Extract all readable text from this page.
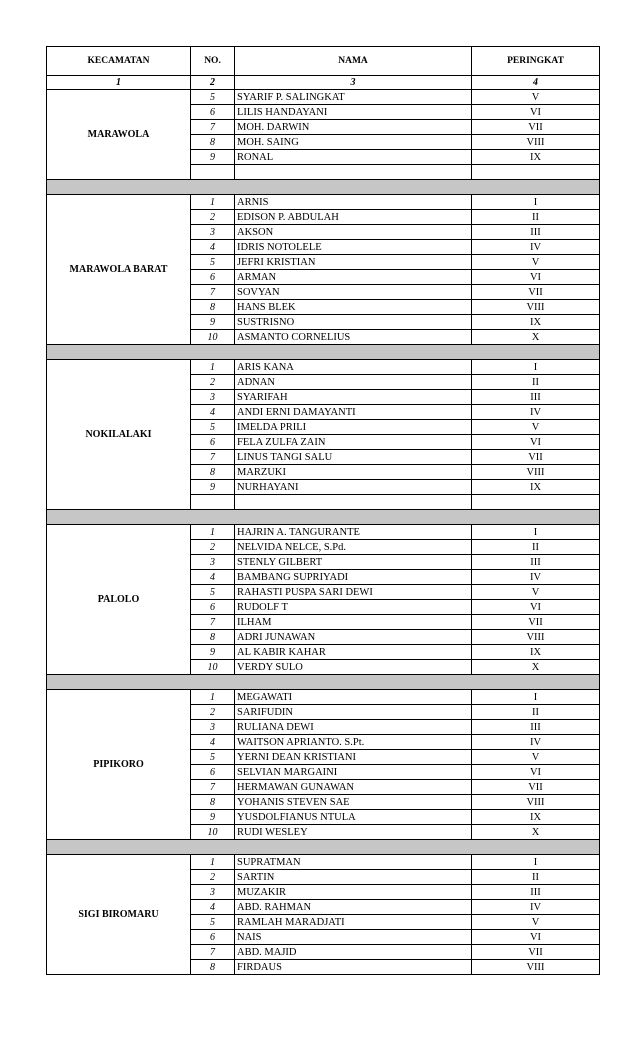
KECAMATAN	NO.	NAMA	PERINGKAT
1	2	3	4
MARAWOLA	5	SYARIF P. SALINGKAT	V
	6	LILIS HANDAYANI	VI
	7	MOH. DARWIN	VII
	8	MOH. SAING	VIII
	9	RONAL	IX

MARAWOLA BARAT	1	ARNIS	I
	2	EDISON P. ABDULAH	II
	3	AKSON	III
	4	IDRIS NOTOLELE	IV
	5	JEFRI KRISTIAN	V
	6	ARMAN	VI
	7	SOVYAN	VII
	8	HANS BLEK	VIII
	9	SUSTRISNO	IX
	10	ASMANTO CORNELIUS	X

NOKILALAKI	1	ARIS KANA	I
	2	ADNAN	II
	3	SYARIFAH	III
	4	ANDI ERNI DAMAYANTI	IV
	5	IMELDA PRILI	V
	6	FELA ZULFA ZAIN	VI
	7	LINUS TANGI SALU	VII
	8	MARZUKI	VIII
	9	NURHAYANI	IX

PALOLO	1	HAJRIN A. TANGURANTE	I
	2	NELVIDA NELCE, S.Pd.	II
	3	STENLY GILBERT	III
	4	BAMBANG SUPRIYADI	IV
	5	RAHASTI PUSPA SARI DEWI	V
	6	RUDOLF T	VI
	7	ILHAM	VII
	8	ADRI JUNAWAN	VIII
	9	AL KABIR KAHAR	IX
	10	VERDY SULO	X

PIPIKORO	1	MEGAWATI	I
	2	SARIFUDIN	II
	3	RULIANA DEWI	III
	4	WAITSON APRIANTO. S.Pt.	IV
	5	YERNI DEAN KRISTIANI	V
	6	SELVIAN MARGAINI	VI
	7	HERMAWAN GUNAWAN	VII
	8	YOHANIS STEVEN SAE	VIII
	9	YUSDOLFIANUS NTULA	IX
	10	RUDI WESLEY	X

SIGI BIROMARU	1	SUPRATMAN	I
	2	SARTIN	II
	3	MUZAKIR	III
	4	ABD. RAHMAN	IV
	5	RAMLAH MARADJATI	V
	6	NAIS	VI
	7	ABD. MAJID	VII
	8	FIRDAUS	VIII
